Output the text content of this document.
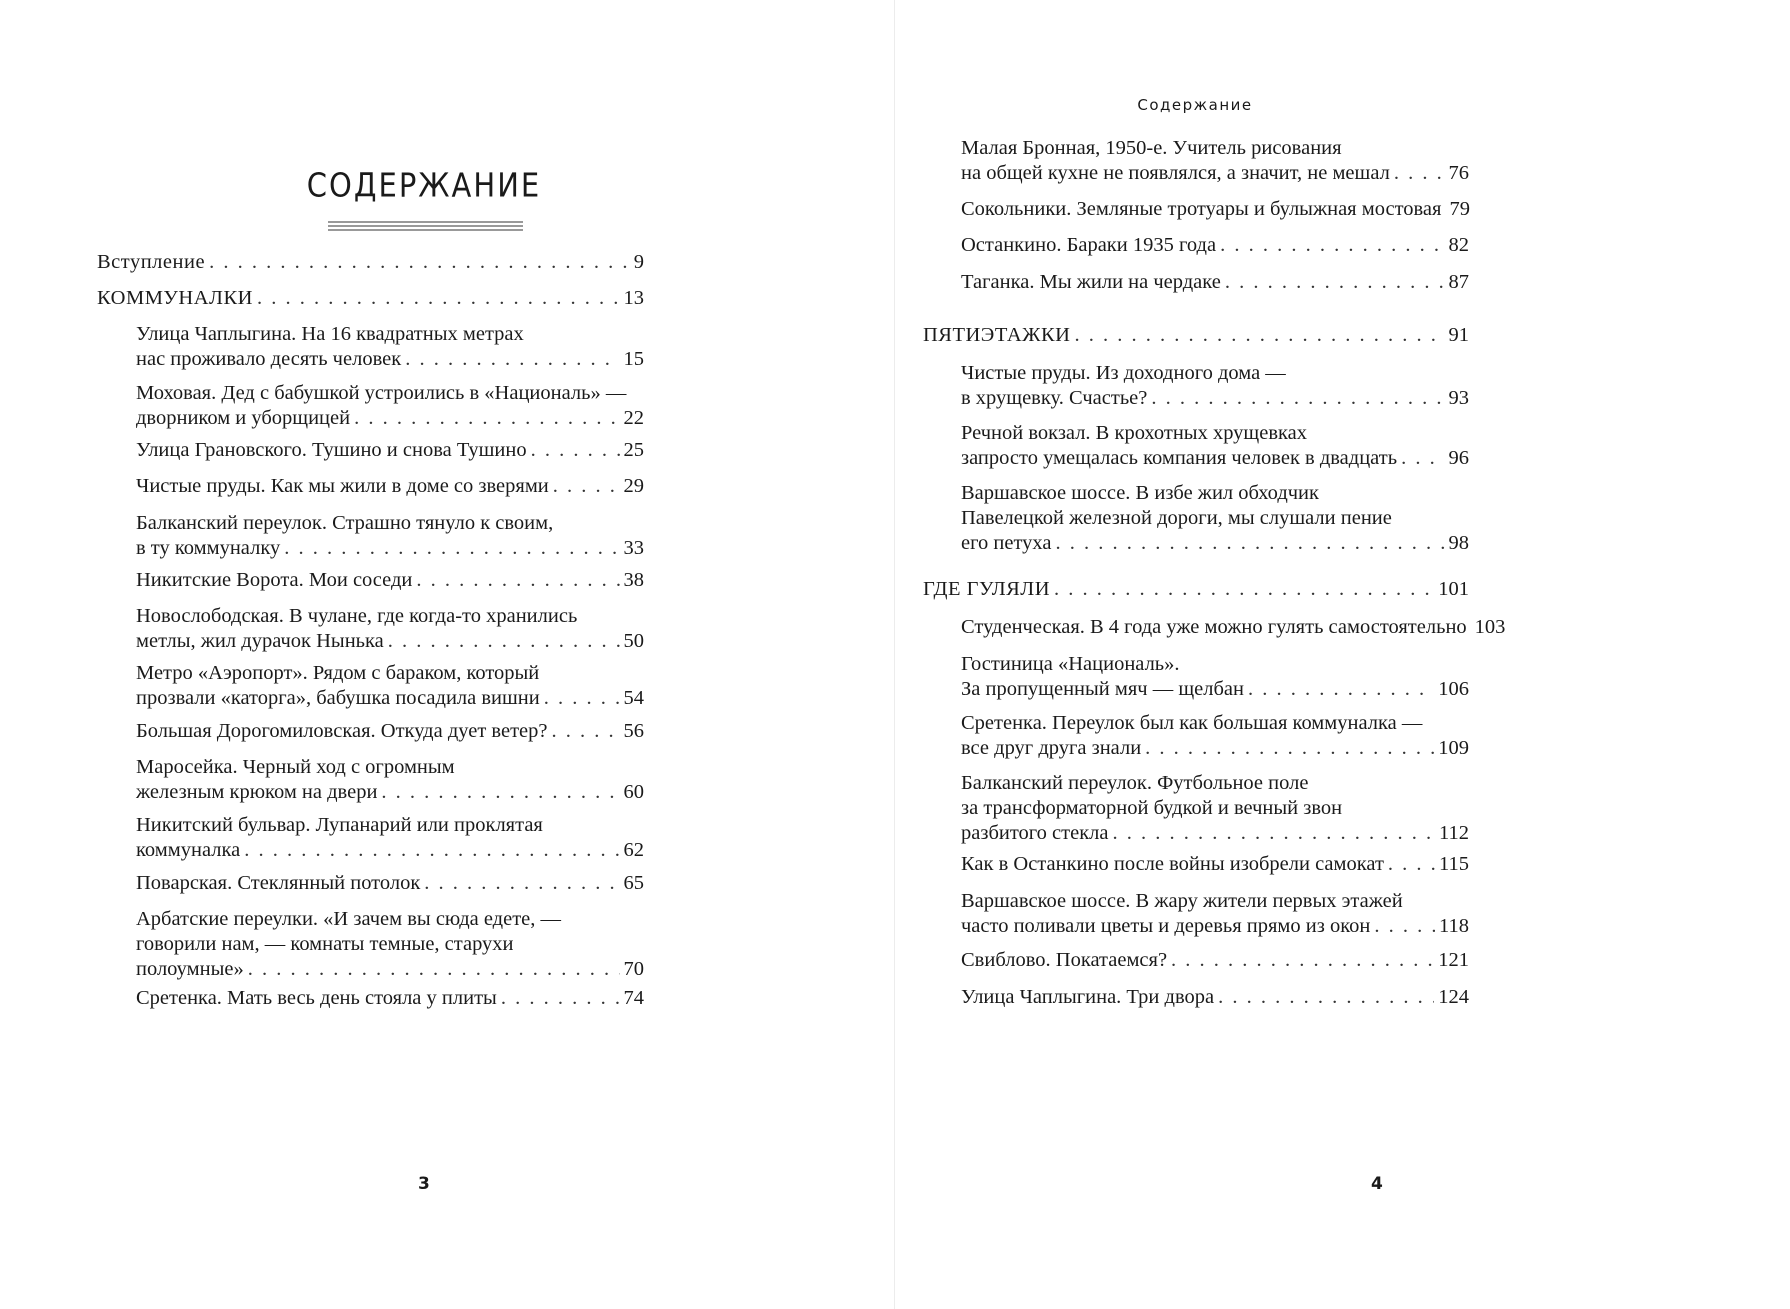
СОДЕРЖАНИЕ
Вступление . . .	9
КОММУНАЛКИ . . .	13
Улица Чаплыгина. На 16 квадратных метрах
нас проживало десять человек . . .	15
Моховая. Дед с бабушкой устроились в «Националь» —
дворником и уборщицей . . .	22
Улица Грановского. Тушино и снова Тушино . . .	25
Чистые пруды. Как мы жили в доме со зверями . . .	29
Балканский переулок. Страшно тянуло к своим,
в ту коммуналку . . .	33
Никитские Ворота. Мои соседи . . .	38
Новослободская. В чулане, где когда-то хранились
метлы, жил дурачок Нынька . . .	50
Метро «Аэропорт». Рядом с бараком, который
прозвали «каторга», бабушка посадила вишни . . .	54
Большая Дорогомиловская. Откуда дует ветер? . . .	56
Маросейка. Черный ход с огромным
железным крюком на двери . . .	60
Никитский бульвар. Лупанарий или проклятая
коммуналка . . .	62
Поварская. Стеклянный потолок . . .	65
Арбатские переулки. «И зачем вы сюда едете, —
говорили нам, — комнаты темные, старухи
полоумные» . . .	70
Сретенка. Мать весь день стояла у плиты . . .	74
3
Малая Бронная, 1950-е. Учитель рисования
на общей кухне не появлялся, а значит, не мешал . . .	76
Сокольники. Земляные тротуары и булыжная мостовая 79
Останкино. Бараки 1935 года . . .	82
Таганка. Мы жили на чердаке . . .	87
ПЯТИЭТАЖКИ . . .	91
Чистые пруды. Из доходного дома —
в хрущевку. Счастье? . . .	93
Речной вокзал. В крохотных хрущевках
запросто умещалась компания человек в двадцать . . .	96
Варшавское шоссе. В избе жил обходчик
Павелецкой железной дороги, мы слушали пение
его петуха . . .	98
ГДЕ ГУЛЯЛИ . . .	101
Студенческая. В 4 года уже можно гулять самостоятельно 103
Гостиница «Националь».
За пропущенный мяч — щелбан . . .	106
Сретенка. Переулок был как большая коммуналка —
все друг друга знали . . .	109
Балканский переулок. Футбольное поле
за трансформаторной будкой и вечный звон
разбитого стекла . . .	112
Как в Останкино после войны изобрели самокат . . .	115
Варшавское шоссе. В жару жители первых этажей
часто поливали цветы и деревья прямо из окон . . .	118
Свиблово. Покатаемся? . . .	121
Улица Чаплыгина. Три двора . . .	124
4
Содержание
